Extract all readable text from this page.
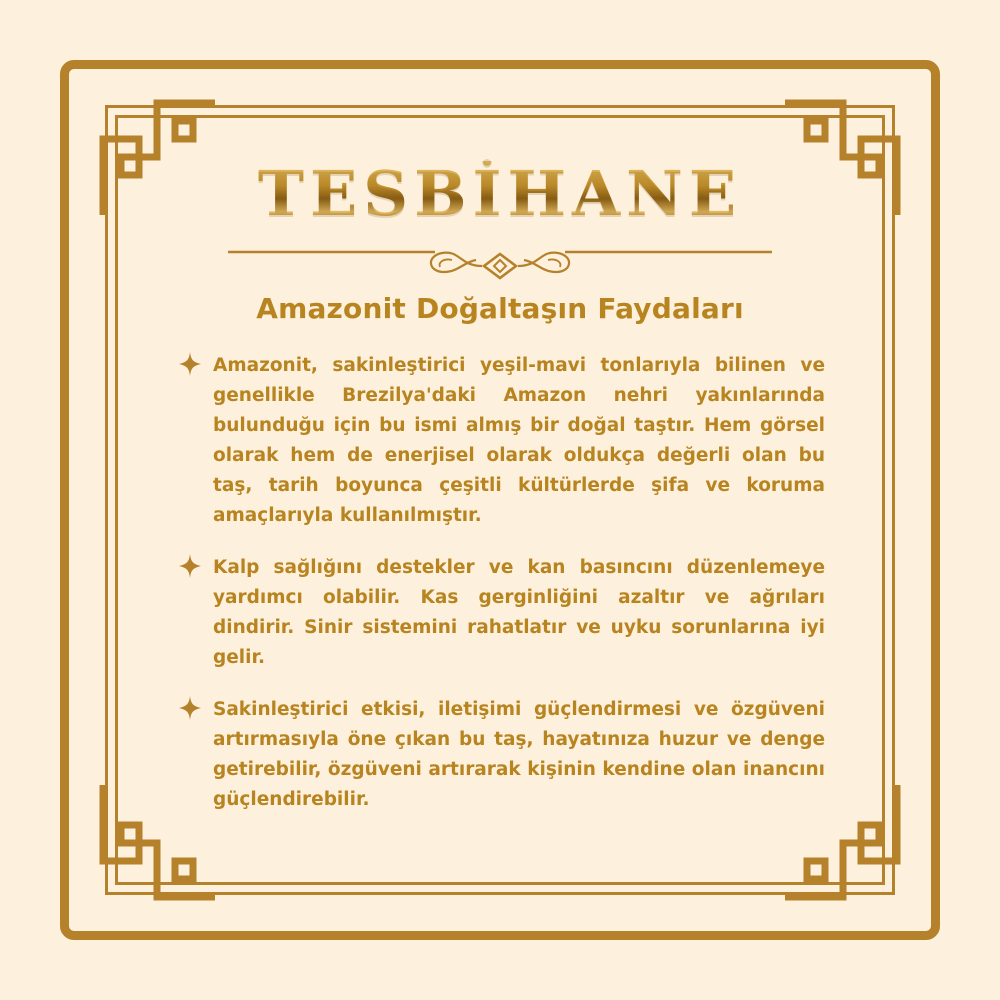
TESBİHANE
Amazonit Doğaltaşın Faydaları
Amazonit, sakinleştirici yeşil-mavi tonlarıyla bilinen ve genellikle Brezilya'daki Amazon nehri yakınlarında bulunduğu için bu ismi almış bir doğal taştır. Hem görsel olarak hem de enerjisel olarak oldukça değerli olan bu taş, tarih boyunca çeşitli kültürlerde şifa ve koruma amaçlarıyla kullanılmıştır.
Kalp sağlığını destekler ve kan basıncını düzenlemeye yardımcı olabilir. Kas gerginliğini azaltır ve ağrıları dindirir. Sinir sistemini rahatlatır ve uyku sorunlarına iyi gelir.
Sakinleştirici etkisi, iletişimi güçlendirmesi ve özgüveni artırmasıyla öne çıkan bu taş, hayatınıza huzur ve denge getirebilir, özgüveni artırarak kişinin kendine olan inancını güçlendirebilir.
